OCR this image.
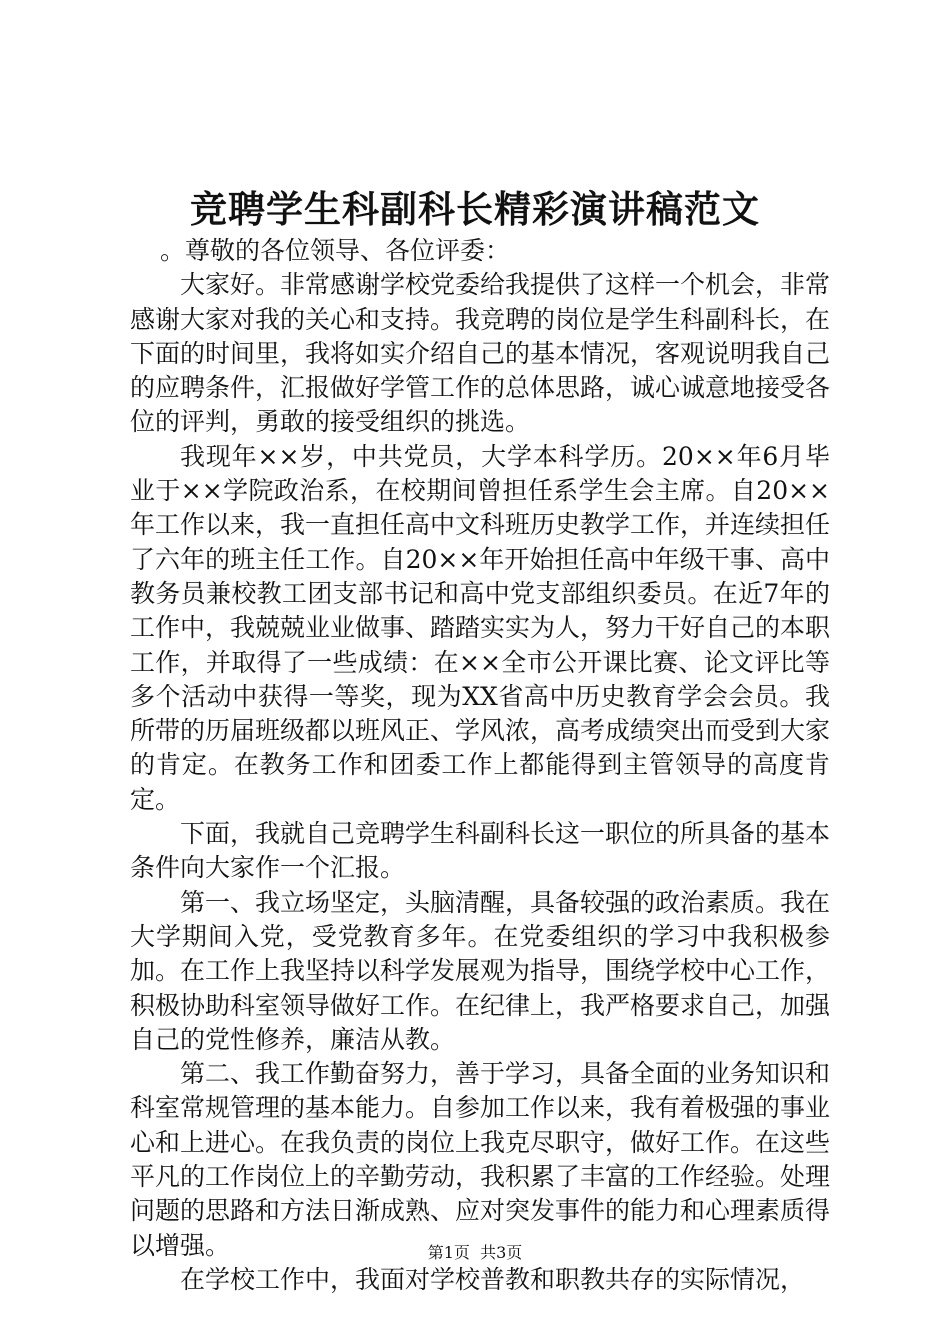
竞聘学生科副科长精彩演讲稿范文

。尊敬的各位领导、各位评委：

大家好。非常感谢学校党委给我提供了这样一个机会，非常感谢大家对我的关心和支持。我竞聘的岗位是学生科副科长，在下面的时间里，我将如实介绍自己的基本情况，客观说明我自己的应聘条件，汇报做好学管工作的总体思路，诚心诚意地接受各位的评判，勇敢的接受组织的挑选。

我现年××岁，中共党员，大学本科学历。20××年6月毕业于××学院政治系，在校期间曾担任系学生会主席。自20××年工作以来，我一直担任高中文科班历史教学工作，并连续担任了六年的班主任工作。自20××年开始担任高中年级干事、高中教务员兼校教工团支部书记和高中党支部组织委员。在近7年的工作中，我兢兢业业做事、踏踏实实为人，努力干好自己的本职工作，并取得了一些成绩：在××全市公开课比赛、论文评比等多个活动中获得一等奖，现为XX省高中历史教育学会会员。我所带的历届班级都以班风正、学风浓，高考成绩突出而受到大家的肯定。在教务工作和团委工作上都能得到主管领导的高度肯定。

下面，我就自己竞聘学生科副科长这一职位的所具备的基本条件向大家作一个汇报。

第一、我立场坚定，头脑清醒，具备较强的政治素质。我在大学期间入党，受党教育多年。在党委组织的学习中我积极参加。在工作上我坚持以科学发展观为指导，围绕学校中心工作，积极协助科室领导做好工作。在纪律上，我严格要求自己，加强自己的党性修养，廉洁从教。

第二、我工作勤奋努力，善于学习，具备全面的业务知识和科室常规管理的基本能力。自参加工作以来，我有着极强的事业心和上进心。在我负责的岗位上我克尽职守，做好工作。在这些平凡的工作岗位上的辛勤劳动，我积累了丰富的工作经验。处理问题的思路和方法日渐成熟、应对突发事件的能力和心理素质得以增强。

在学校工作中，我面对学校普教和职教共存的实际情况，

第1页  共3页
